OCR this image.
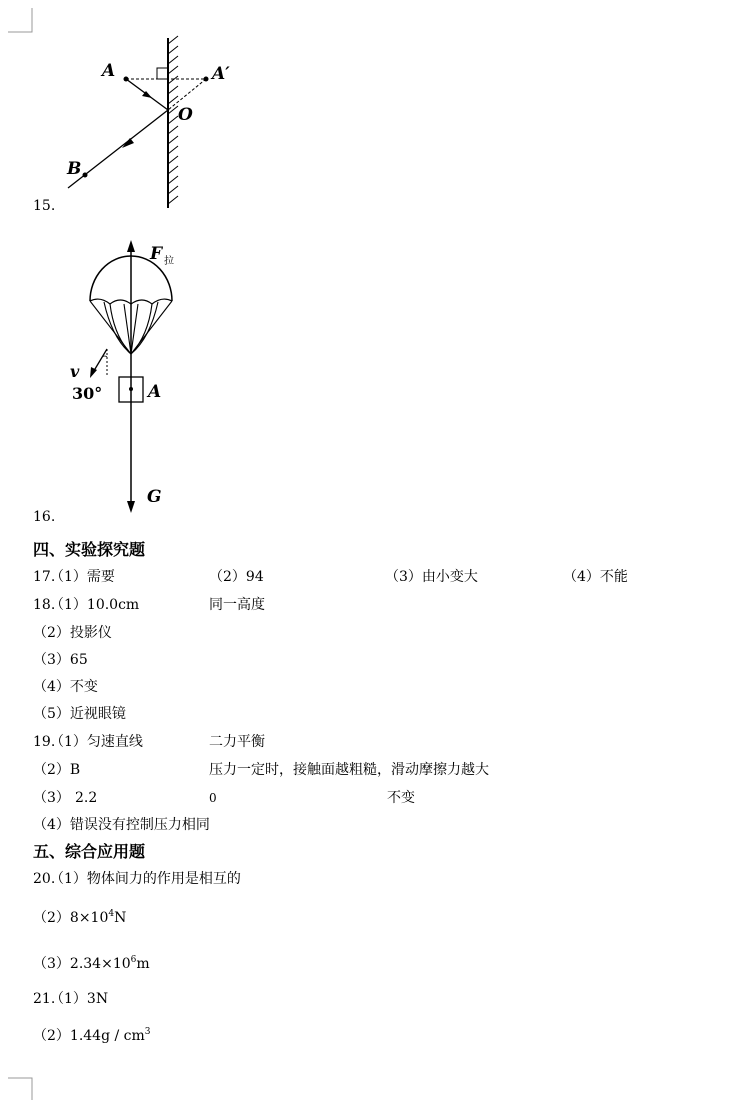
A	A′
O
B
15.
F 拉
v
30°	A
G
16.
四、实验探究题
17.
（1）需要	（2）94	（3）由小变大	（4）不能
18.
（1）10.0cm	同一高度
（2）投影仪
（3）65
（4）不变
（5）近视眼镜
19.
（1）匀速直线	二力平衡
（2）B	压力一定时，接触面越粗糙，滑动摩擦力越大
（3） 2.2	0	不变
（4）错误没有控制压力相同
五、综合应用题
20.
（1）物体间力的作用是相互的
$(2)8\times 10^4N$
$(3)2.34\times 10^6m$
21.
（1）3N
$(2)1.44g / cm^3$
